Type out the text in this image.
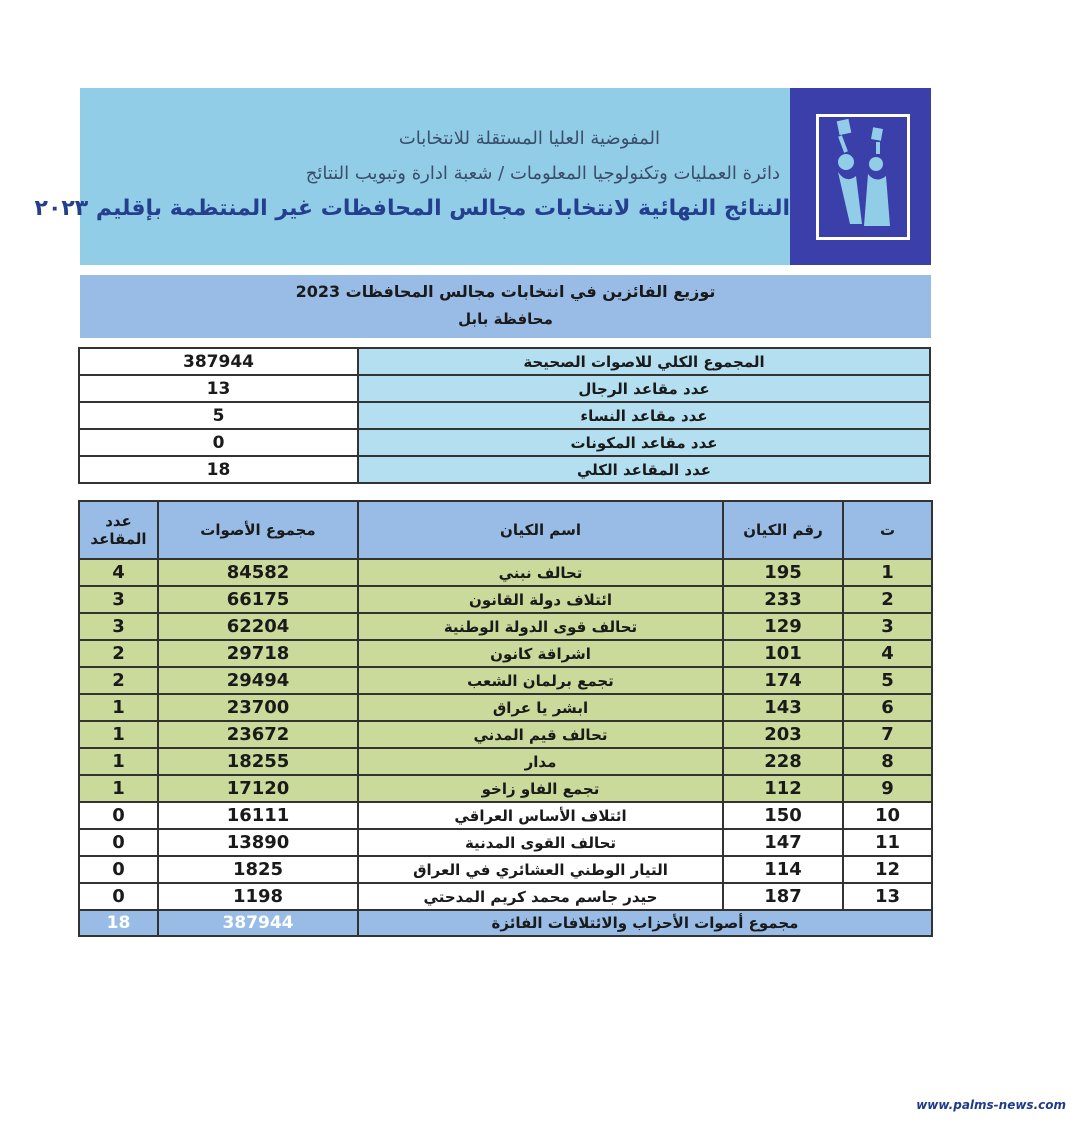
المفوضية العليا المستقلة للانتخابات
دائرة العمليات وتكنولوجيا المعلومات / شعبة ادارة وتبويب النتائج
النتائج النهائية لانتخابات مجالس المحافظات غير المنتظمة بإقليم ٢٠٢٣
توزيع الفائزين في انتخابات مجالس المحافظات 2023
محافظة بابل
387944	المجموع الكلي للاصوات الصحيحة
13	عدد مقاعد الرجال
5	عدد مقاعد النساء
0	عدد مقاعد المكونات
18	عدد المقاعد الكلي
عدد المقاعد	مجموع الأصوات	اسم الكيان	رقم الكيان	ت
4	84582	تحالف نبني	195	1
3	66175	ائتلاف دولة القانون	233	2
3	62204	تحالف قوى الدولة الوطنية	129	3
2	29718	اشراقة كانون	101	4
2	29494	تجمع برلمان الشعب	174	5
1	23700	ابشر يا عراق	143	6
1	23672	تحالف قيم المدني	203	7
1	18255	مدار	228	8
1	17120	تجمع الفاو زاخو	112	9
0	16111	ائتلاف الأساس العراقي	150	10
0	13890	تحالف القوى المدنية	147	11
0	1825	التيار الوطني العشائري في العراق	114	12
0	1198	حيدر جاسم محمد كريم المدحتي	187	13
18	387944	مجموع أصوات الأحزاب والائتلافات الفائزة		
www.palms-news.com
